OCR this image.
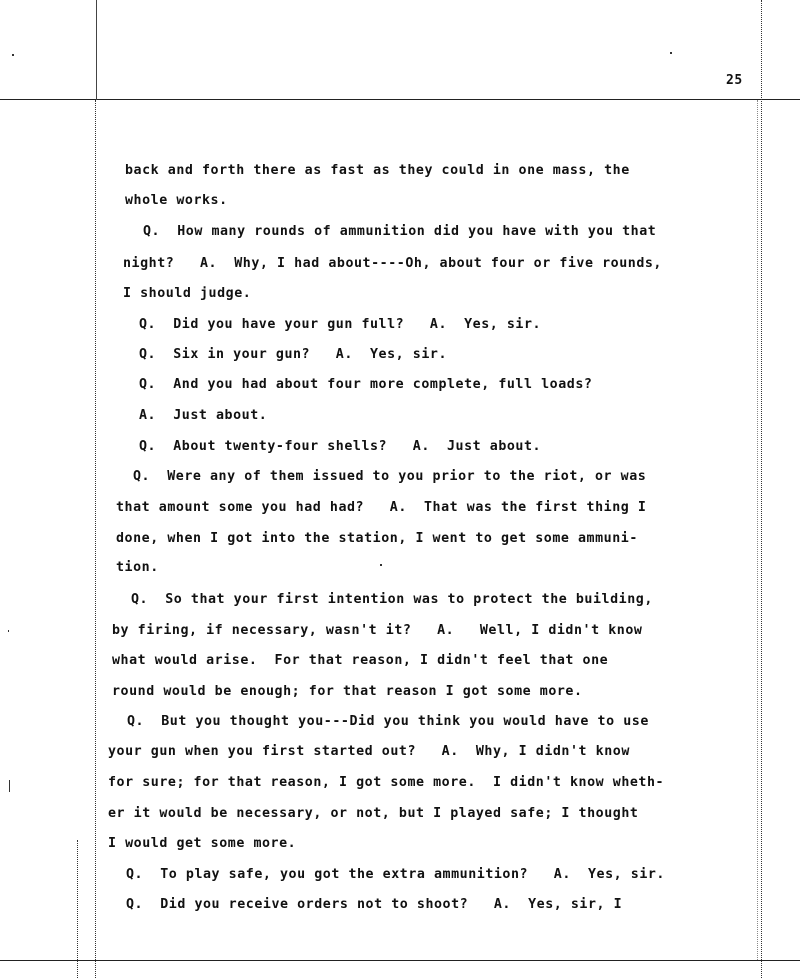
25
back and forth there as fast as they could in one mass, the
whole works.
Q.  How many rounds of ammunition did you have with you that
night?   A.  Why, I had about----Oh, about four or five rounds,
I should judge.
Q.  Did you have your gun full?   A.  Yes, sir.
Q.  Six in your gun?   A.  Yes, sir.
Q.  And you had about four more complete, full loads?
A.  Just about.
Q.  About twenty-four shells?   A.  Just about.
Q.  Were any of them issued to you prior to the riot, or was
that amount some you had had?   A.  That was the first thing I
done, when I got into the station, I went to get some ammuni-
tion.
Q.  So that your first intention was to protect the building,
by firing, if necessary, wasn't it?   A.   Well, I didn't know
what would arise.  For that reason, I didn't feel that one
round would be enough; for that reason I got some more.
Q.  But you thought you---Did you think you would have to use
your gun when you first started out?   A.  Why, I didn't know
for sure; for that reason, I got some more.  I didn't know wheth-
er it would be necessary, or not, but I played safe; I thought
I would get some more.
Q.  To play safe, you got the extra ammunition?   A.  Yes, sir.
Q.  Did you receive orders not to shoot?   A.  Yes, sir, I
